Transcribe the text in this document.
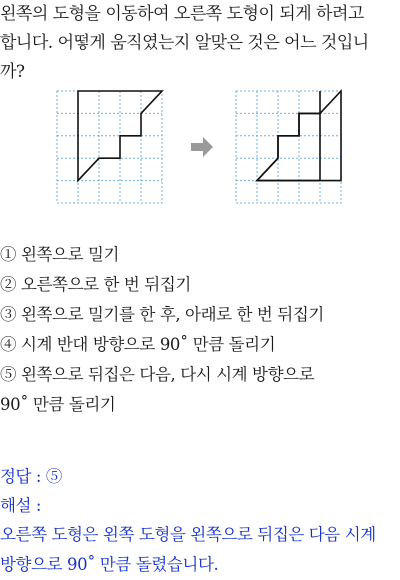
왼쪽의 도형을 이동하여 오른쪽 도형이 되게 하려고
합니다. 어떻게 움직였는지 알맞은 것은 어느 것입니
까?
① 왼쪽으로 밀기
② 오른쪽으로 한 번 뒤집기
③ 왼쪽으로 밀기를 한 후, 아래로 한 번 뒤집기
④ 시계 반대 방향으로 90˚ 만큼 돌리기
⑤ 왼쪽으로 뒤집은 다음, 다시 시계 방향으로
90˚ 만큼 돌리기
정답 : ⑤
해설 :
오른쪽 도형은 왼쪽 도형을 왼쪽으로 뒤집은 다음 시계
방향으로 90˚ 만큼 돌렸습니다.
